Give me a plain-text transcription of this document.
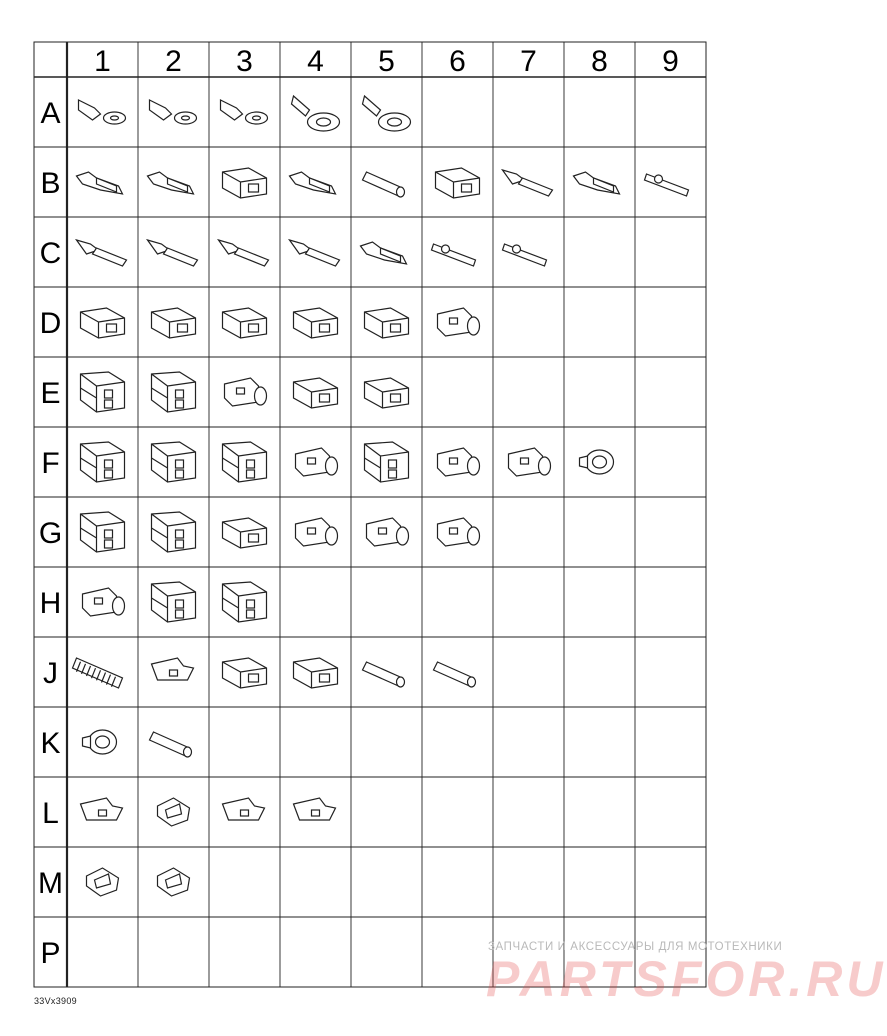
1 2 3 4 5 6 7 8 9
A
B
C
D
E
F
G
H
J
K
L
M
P
33Vx3909
ЗАПЧАСТИ И АКСЕССУАРЫ ДЛЯ МОТОТЕХНИКИ
PARTSFOR.RU
